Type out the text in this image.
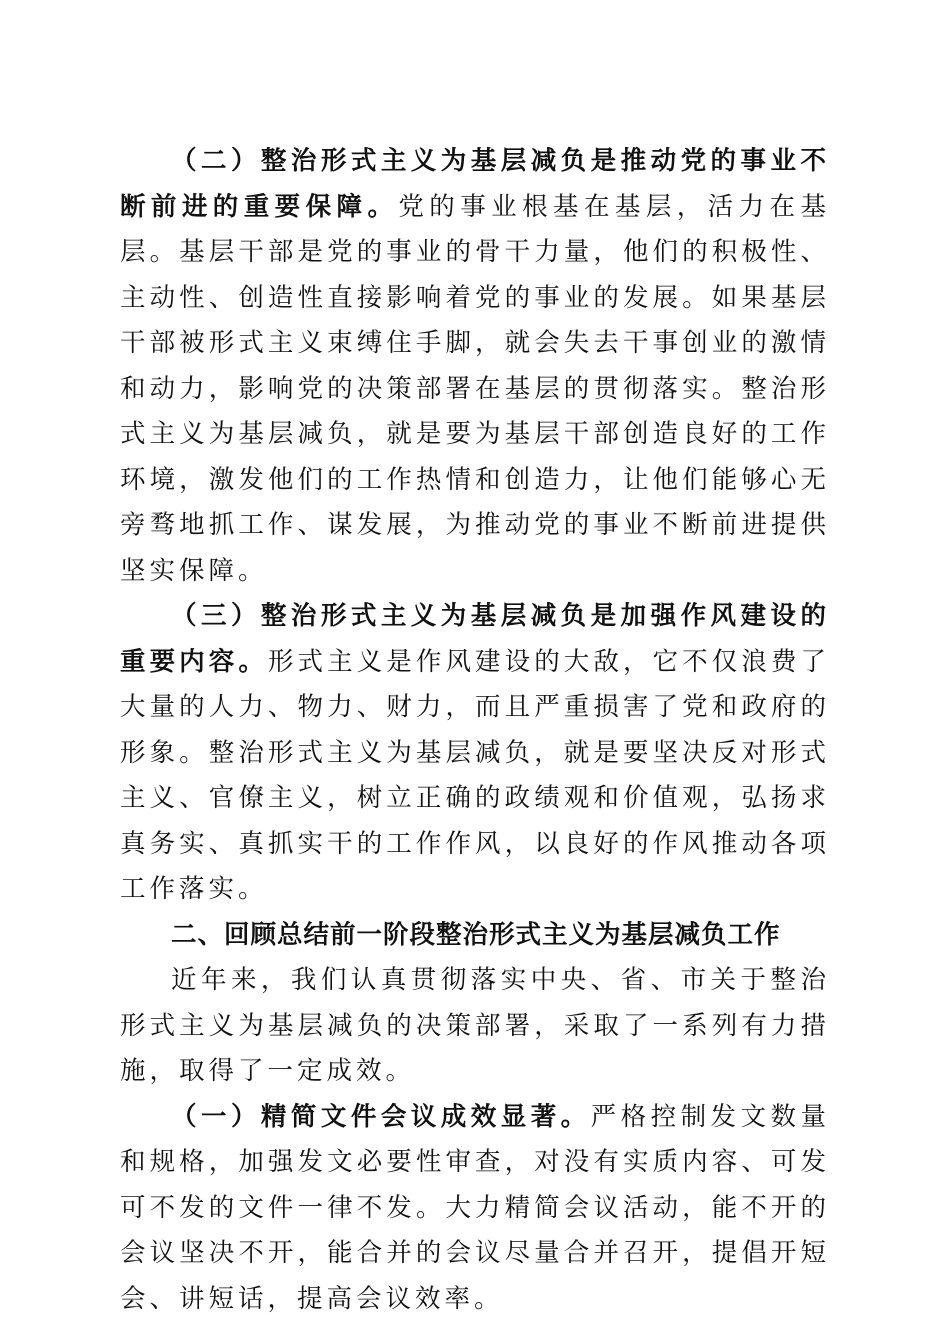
（二）整治形式主义为基层减负是推动党的事业不断前进的重要保障。党的事业根基在基层，活力在基层。基层干部是党的事业的骨干力量，他们的积极性、主动性、创造性直接影响着党的事业的发展。如果基层干部被形式主义束缚住手脚，就会失去干事创业的激情和动力，影响党的决策部署在基层的贯彻落实。整治形式主义为基层减负，就是要为基层干部创造良好的工作环境，激发他们的工作热情和创造力，让他们能够心无旁骛地抓工作、谋发展，为推动党的事业不断前进提供坚实保障。

（三）整治形式主义为基层减负是加强作风建设的重要内容。形式主义是作风建设的大敌，它不仅浪费了大量的人力、物力、财力，而且严重损害了党和政府的形象。整治形式主义为基层减负，就是要坚决反对形式主义、官僚主义，树立正确的政绩观和价值观，弘扬求真务实、真抓实干的工作作风，以良好的作风推动各项工作落实。

二、回顾总结前一阶段整治形式主义为基层减负工作

近年来，我们认真贯彻落实中央、省、市关于整治形式主义为基层减负的决策部署，采取了一系列有力措施，取得了一定成效。

（一）精简文件会议成效显著。严格控制发文数量和规格，加强发文必要性审查，对没有实质内容、可发可不发的文件一律不发。大力精简会议活动，能不开的会议坚决不开，能合并的会议尽量合并召开，提倡开短会、讲短话，提高会议效率。
